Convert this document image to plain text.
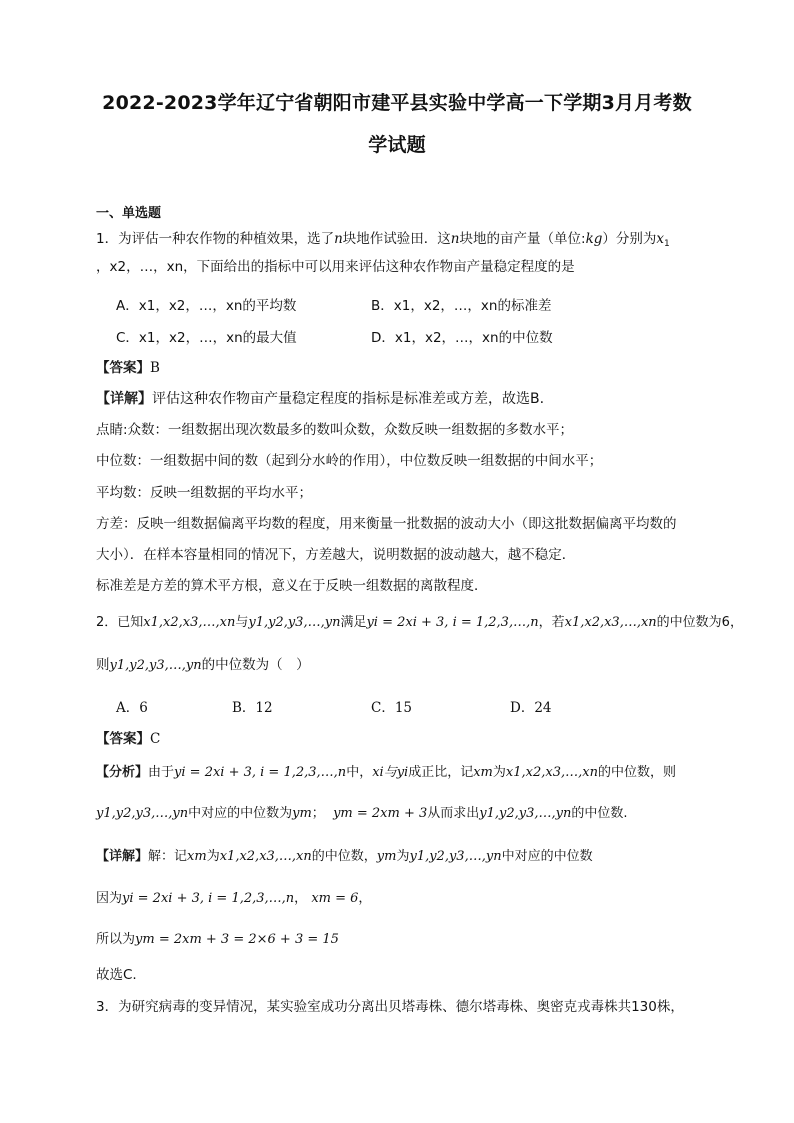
2022-2023学年辽宁省朝阳市建平县实验中学高一下学期3月月考数
学试题
一、单选题
1．为评估一种农作物的种植效果，选了n块地作试验田．这n块地的亩产量（单位:kg）分别为$x_1$
，x2，…，xn，下面给出的指标中可以用来评估这种农作物亩产量稳定程度的是
A．x1，x2，…，xn的平均数	B．x1，x2，…，xn的标准差
C．x1，x2，…，xn的最大值	D．x1，x2，…，xn的中位数
【答案】B
【详解】评估这种农作物亩产量稳定程度的指标是标准差或方差，故选B.
点睛:众数：一组数据出现次数最多的数叫众数，众数反映一组数据的多数水平；
中位数：一组数据中间的数（起到分水岭的作用），中位数反映一组数据的中间水平；
平均数：反映一组数据的平均水平；
方差：反映一组数据偏离平均数的程度，用来衡量一批数据的波动大小（即这批数据偏离平均数的
大小）．在样本容量相同的情况下，方差越大，说明数据的波动越大，越不稳定．
标准差是方差的算术平方根，意义在于反映一组数据的离散程度．
2．已知x1,x2,x3,…,xn与y1,y2,y3,…,yn满足yi = 2xi + 3, i = 1,2,3,…,n，若x1,x2,x3,…,xn的中位数为6，
则y1,y2,y3,…,yn的中位数为（　）
A．6	B．12	C．15	D．24
【答案】C
【分析】由于yi = 2xi + 3, i = 1,2,3,…,n中，xi与yi成正比，记xm为x1,x2,x3,…,xn的中位数，则
y1,y2,y3,…,yn中对应的中位数为ym； ym = 2xm + 3从而求出y1,y2,y3,…,yn的中位数.
【详解】解：记xm为x1,x2,x3,…,xn的中位数，ym为y1,y2,y3,…,yn中对应的中位数
因为yi = 2xi + 3, i = 1,2,3,…,n， xm = 6，
所以为ym = 2xm + 3 = 2×6 + 3 = 15
故选C.
3．为研究病毒的变异情况，某实验室成功分离出贝塔毒株、德尔塔毒株、奥密克戎毒株共130株，
